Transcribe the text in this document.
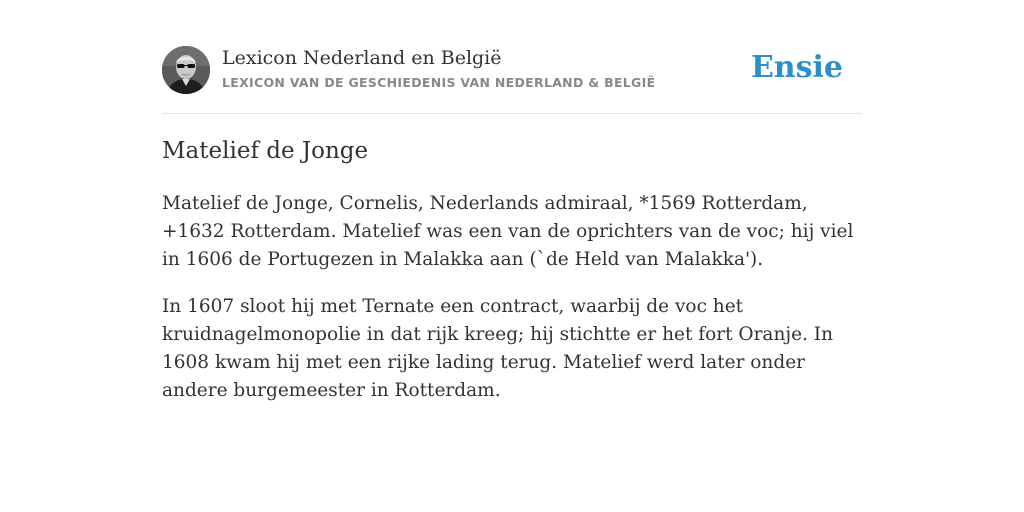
Lexicon Nederland en België
LEXICON VAN DE GESCHIEDENIS VAN NEDERLAND & BELGIË	Ensie
Matelief de Jonge

Matelief de Jonge, Cornelis, Nederlands admiraal, *1569 Rotterdam, +1632 Rotterdam. Matelief was een van de oprichters van de voc; hij viel in 1606 de Portugezen in Malakka aan (`de Held van Malakka').

In 1607 sloot hij met Ternate een contract, waarbij de voc het kruidnagelmonopolie in dat rijk kreeg; hij stichtte er het fort Oranje. In 1608 kwam hij met een rijke lading terug. Matelief werd later onder andere burgemeester in Rotterdam.
